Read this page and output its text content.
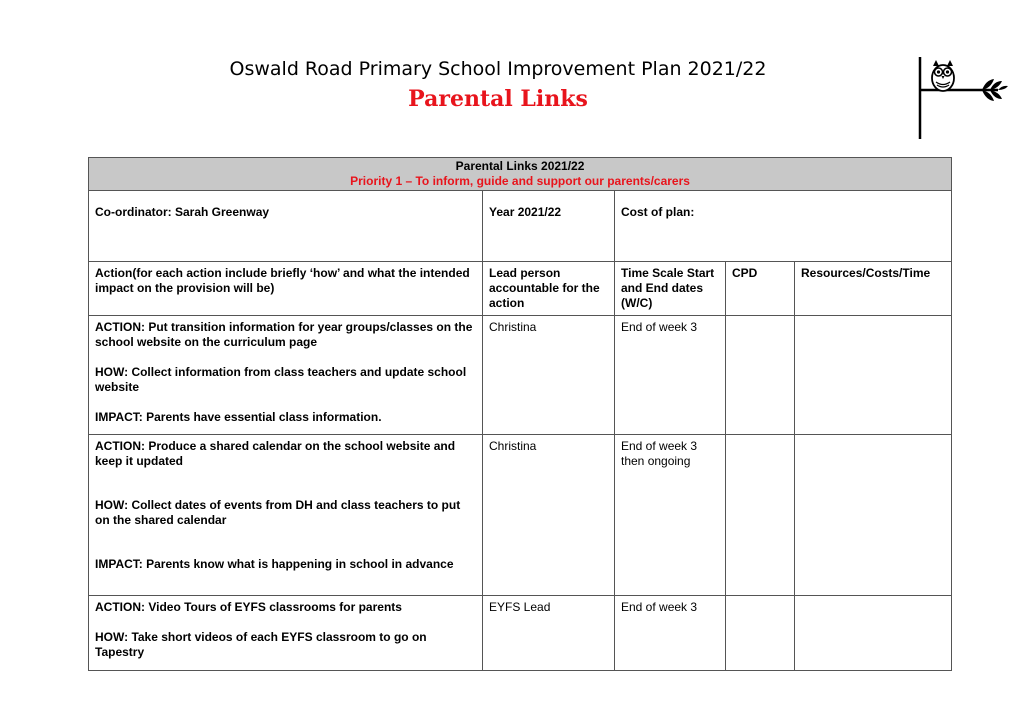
Oswald Road Primary School Improvement Plan 2021/22
Parental Links
Parental Links 2021/22
Priority 1 – To inform, guide and support our parents/carers				

Co-ordinator: Sarah Greenway	Year 2021/22	Cost of plan:		
Action(for each action include briefly ‘how’ and what the intended impact on the provision will be)	Lead person accountable for the action	Time Scale Start and End dates (W/C)	CPD	Resources/Costs/Time
ACTION: Put transition information for year groups/classes on the school website on the curriculum page
HOW: Collect information from class teachers and update school website
IMPACT: Parents have essential class information.	Christina	End of week 3		
ACTION: Produce a shared calendar on the school website and keep it updated
HOW: Collect dates of events from DH and class teachers to put on the shared calendar
IMPACT: Parents know what is happening in school in advance	Christina	End of week 3 then ongoing		
ACTION: Video Tours of EYFS classrooms for parents
HOW: Take short videos of each EYFS classroom to go on Tapestry	EYFS Lead	End of week 3		
